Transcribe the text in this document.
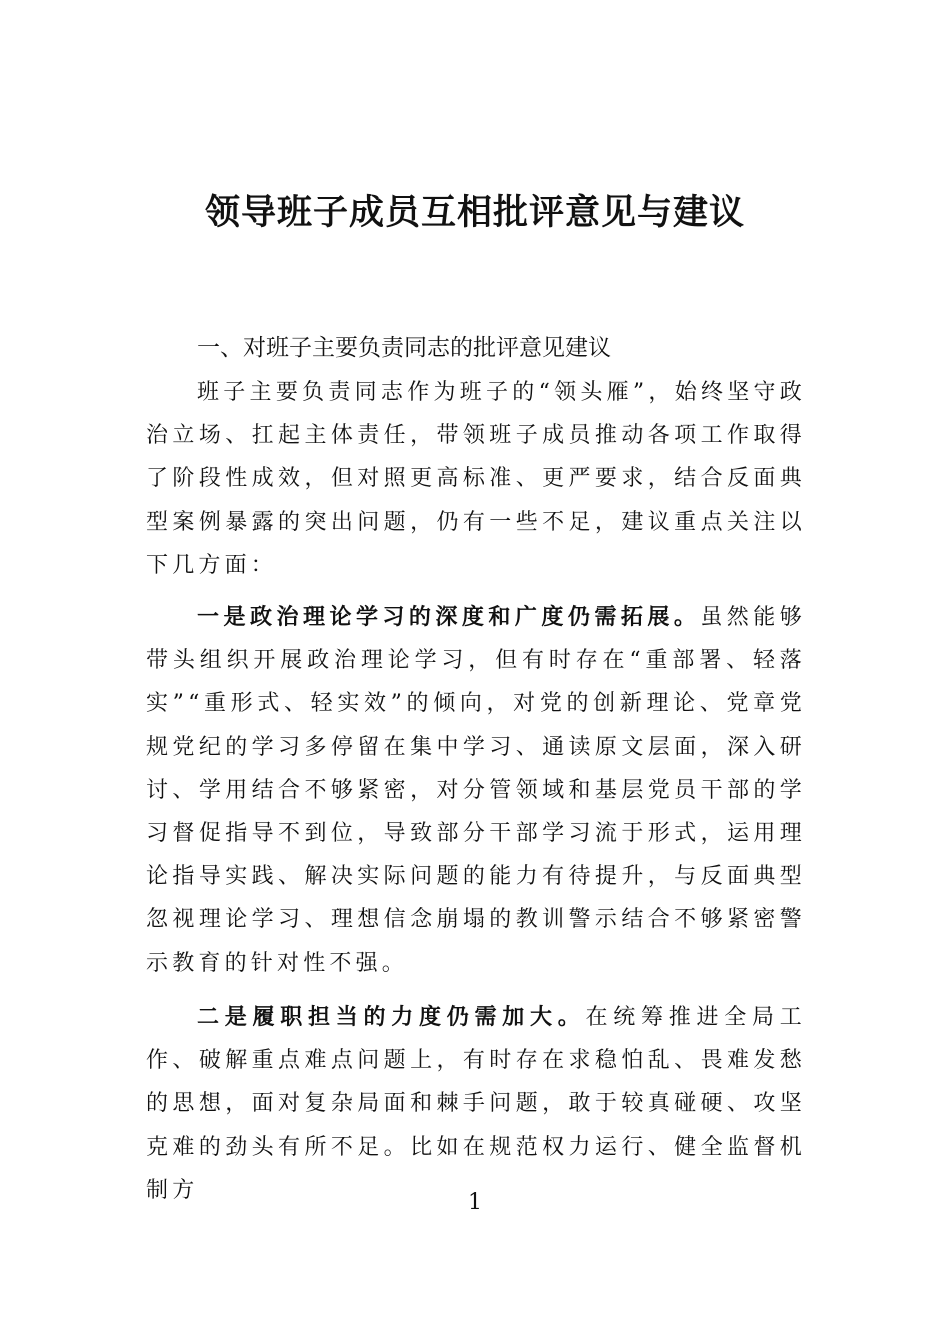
领导班子成员互相批评意见与建议

一、对班子主要负责同志的批评意见建议

班子主要负责同志作为班子的“领头雁”，始终坚守政治立场、扛起主体责任，带领班子成员推动各项工作取得了阶段性成效，但对照更高标准、更严要求，结合反面典型案例暴露的突出问题，仍有一些不足，建议重点关注以下几方面：

一是政治理论学习的深度和广度仍需拓展。虽然能够带头组织开展政治理论学习，但有时存在“重部署、轻落实”“重形式、轻实效”的倾向，对党的创新理论、党章党规党纪的学习多停留在集中学习、通读原文层面，深入研讨、学用结合不够紧密，对分管领域和基层党员干部的学习督促指导不到位，导致部分干部学习流于形式，运用理论指导实践、解决实际问题的能力有待提升，与反面典型忽视理论学习、理想信念崩塌的教训警示结合不够紧密警示教育的针对性不强。

二是履职担当的力度仍需加大。在统筹推进全局工作、破解重点难点问题上，有时存在求稳怕乱、畏难发愁的思想，面对复杂局面和棘手问题，敢于较真碰硬、攻坚克难的劲头有所不足。比如在规范权力运行、健全监督机制方	1
